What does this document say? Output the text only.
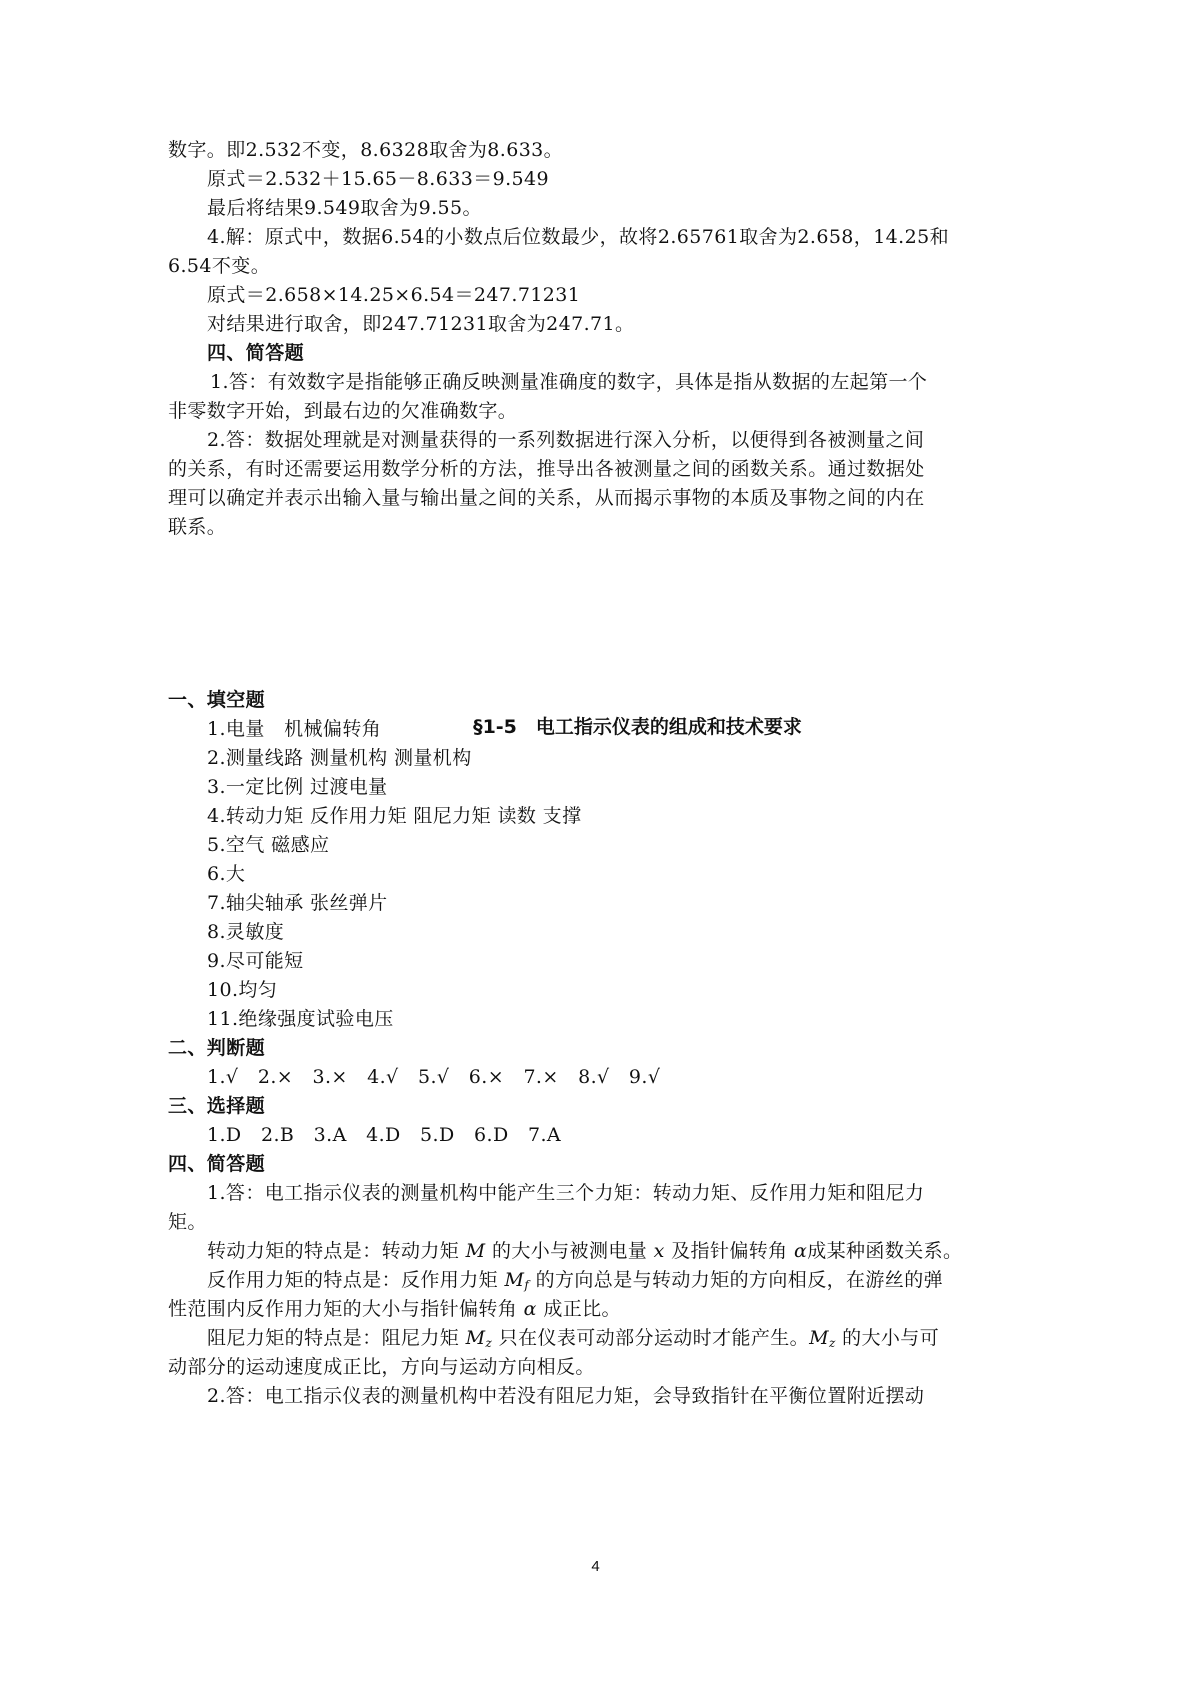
数字。即2.532不变，8.6328取舍为8.633。
原式＝2.532＋15.65－8.633＝9.549
最后将结果9.549取舍为9.55。
4.解：原式中，数据6.54的小数点后位数最少，故将2.65761取舍为2.658，14.25和
6.54不变。
原式＝2.658×14.25×6.54＝247.71231
对结果进行取舍，即247.71231取舍为247.71。
四、简答题
1.答：有效数字是指能够正确反映测量准确度的数字，具体是指从数据的左起第一个
非零数字开始，到最右边的欠准确数字。
2.答：数据处理就是对测量获得的一系列数据进行深入分析，以便得到各被测量之间
的关系，有时还需要运用数学分析的方法，推导出各被测量之间的函数关系。通过数据处
理可以确定并表示出输入量与输出量之间的关系，从而揭示事物的本质及事物之间的内在
联系。
§1-5　电工指示仪表的组成和技术要求
一、填空题
1.电量　机械偏转角
2.测量线路 测量机构 测量机构
3.一定比例 过渡电量
4.转动力矩 反作用力矩 阻尼力矩 读数 支撑
5.空气 磁感应
6.大
7.轴尖轴承 张丝弹片
8.灵敏度
9.尽可能短
10.均匀
11.绝缘强度试验电压
二、判断题
1.√　2.×　3.×　4.√　5.√　6.×　7.×　8.√　9.√
三、选择题
1.D　2.B　3.A　4.D　5.D　6.D　7.A
四、简答题
1.答：电工指示仪表的测量机构中能产生三个力矩：转动力矩、反作用力矩和阻尼力
矩。
转动力矩的特点是：转动力矩 M 的大小与被测电量 x 及指针偏转角 α成某种函数关系。
反作用力矩的特点是：反作用力矩 $M_f$ 的方向总是与转动力矩的方向相反，在游丝的弹
性范围内反作用力矩的大小与指针偏转角 α 成正比。
阻尼力矩的特点是：阻尼力矩 $M_z$ 只在仪表可动部分运动时才能产生。$M_z$ 的大小与可
动部分的运动速度成正比，方向与运动方向相反。
2.答：电工指示仪表的测量机构中若没有阻尼力矩，会导致指针在平衡位置附近摆动
4
